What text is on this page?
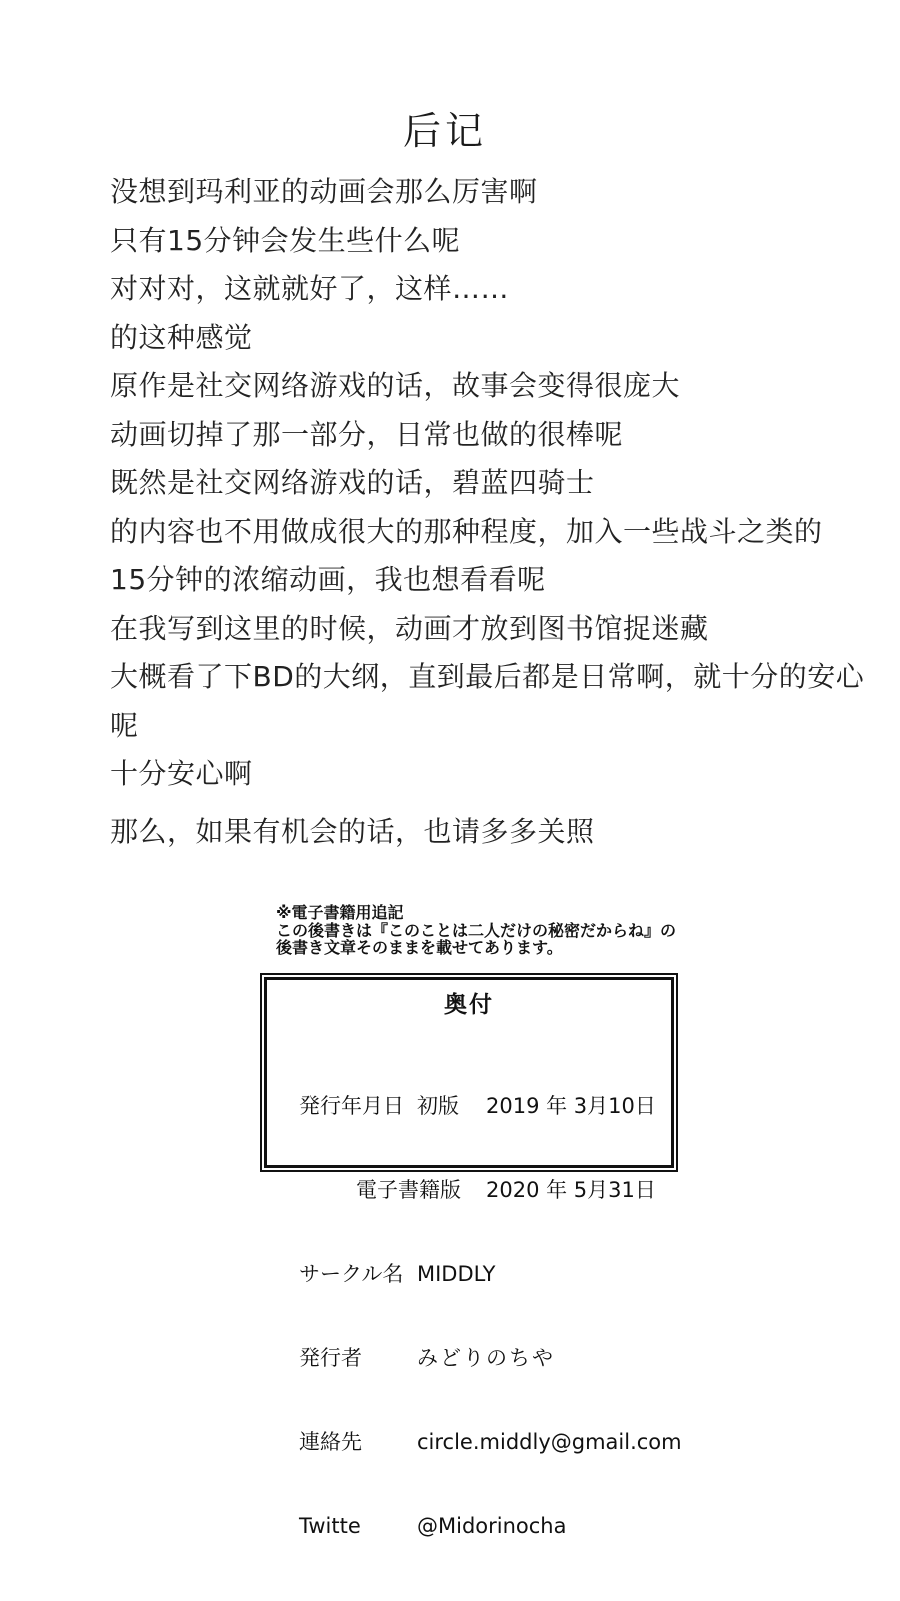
后记
没想到玛利亚的动画会那么厉害啊
只有15分钟会发生些什么呢
对对对，这就就好了，这样……
的这种感觉
原作是社交网络游戏的话，故事会变得很庞大
动画切掉了那一部分，日常也做的很棒呢
既然是社交网络游戏的话，碧蓝四骑士
的内容也不用做成很大的那种程度，加入一些战斗之类的
15分钟的浓缩动画，我也想看看呢
在我写到这里的时候，动画才放到图书馆捉迷藏
大概看了下BD的大纲，直到最后都是日常啊，就十分的安心呢
十分安心啊
那么，如果有机会的话，也请多多关照
※電子書籍用追記
この後書きは『このことは二人だけの秘密だからね』の
後書き文章そのままを載せてあります。
奥付

発行年月日 初版	2019 年 3月10日

電子書籍版	2020 年 5月31日

サークル名 MIDDLY

発行者	みどりのちや

連絡先	circle.middly@gmail.com

Twitte	@Midorinocha
